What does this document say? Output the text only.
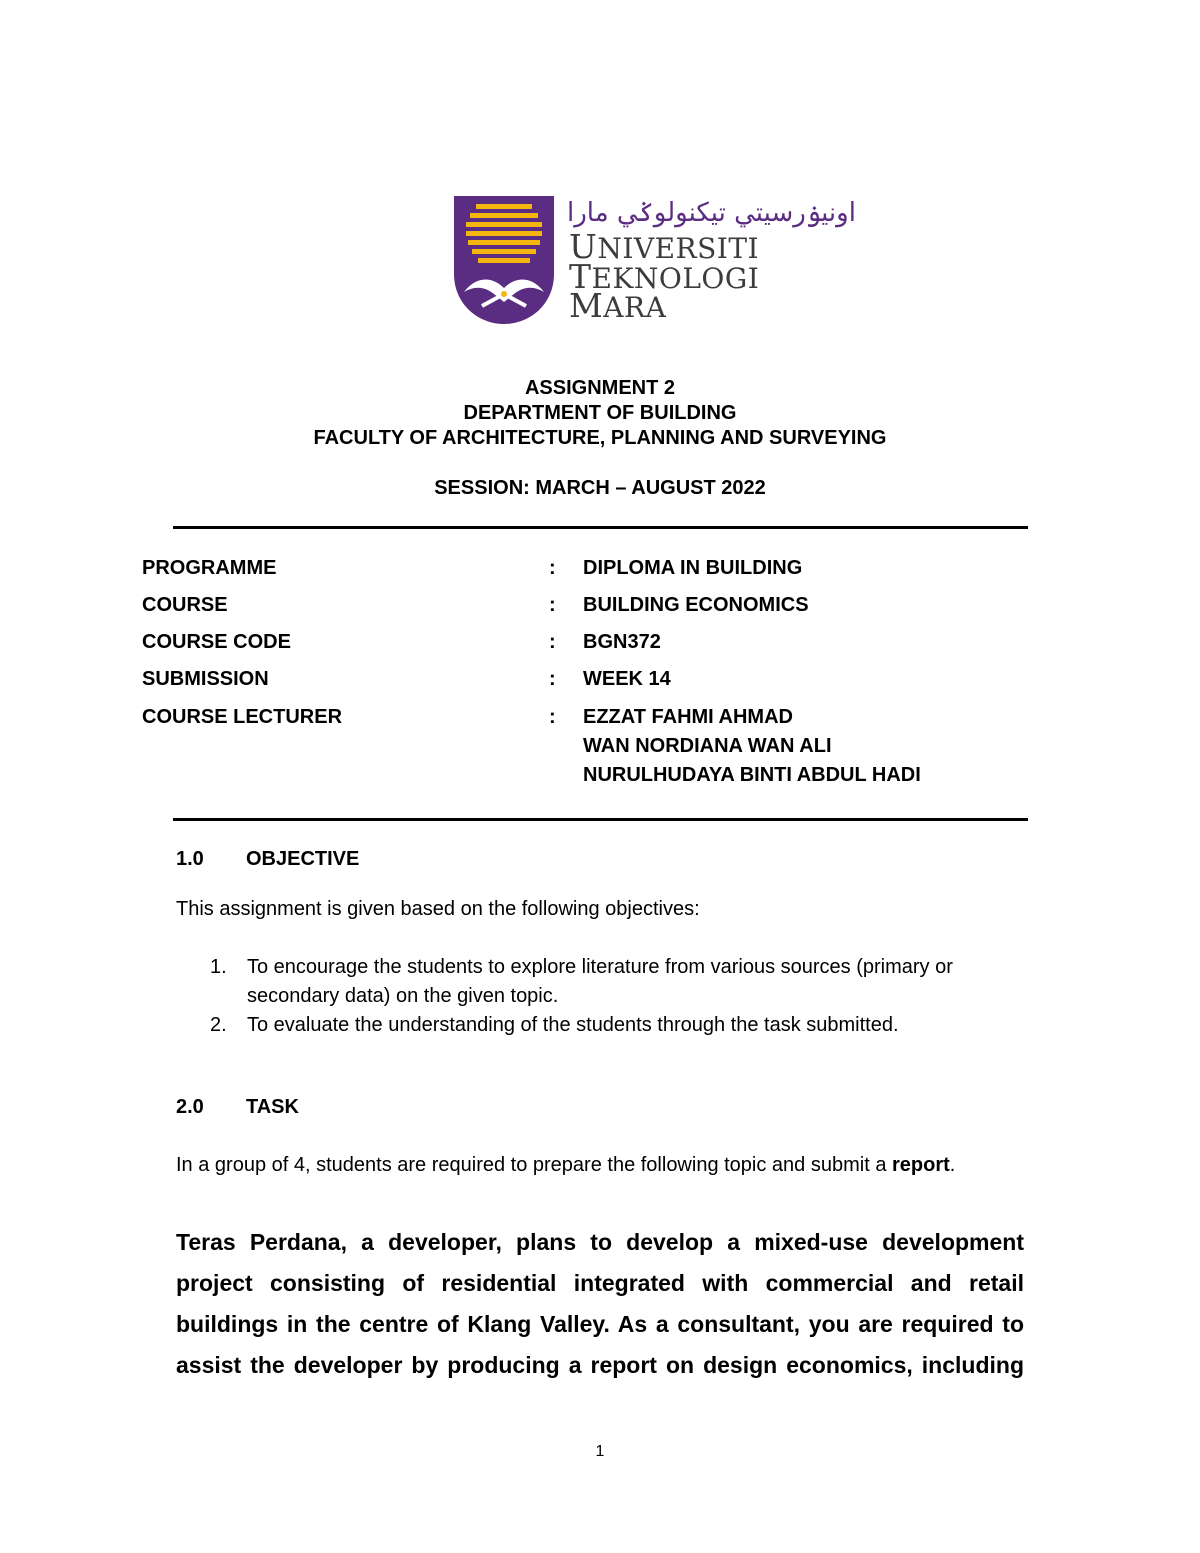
اونيۏرسيتي تيكنولوݢي مارا
UNIVERSITI
TEKNOLOGI
MARA
ASSIGNMENT 2
DEPARTMENT OF BUILDING
FACULTY OF ARCHITECTURE, PLANNING AND SURVEYING
SESSION: MARCH – AUGUST 2022
PROGRAMME	: DIPLOMA IN BUILDING
COURSE	: BUILDING ECONOMICS
COURSE CODE	: BGN372
SUBMISSION	: WEEK 14
COURSE LECTURER	: EZZAT FAHMI AHMAD
WAN NORDIANA WAN ALI
NURULHUDAYA BINTI ABDUL HADI
1.0 OBJECTIVE
This assignment is given based on the following objectives:
1. To encourage the students to explore literature from various sources (primary or secondary data) on the given topic.
2. To evaluate the understanding of the students through the task submitted.
2.0 TASK
In a group of 4, students are required to prepare the following topic and submit a report.
Teras Perdana, a developer, plans to develop a mixed-use development project consisting of residential integrated with commercial and retail buildings in the centre of Klang Valley. As a consultant, you are required to assist the developer by producing a report on design economics, including
1
